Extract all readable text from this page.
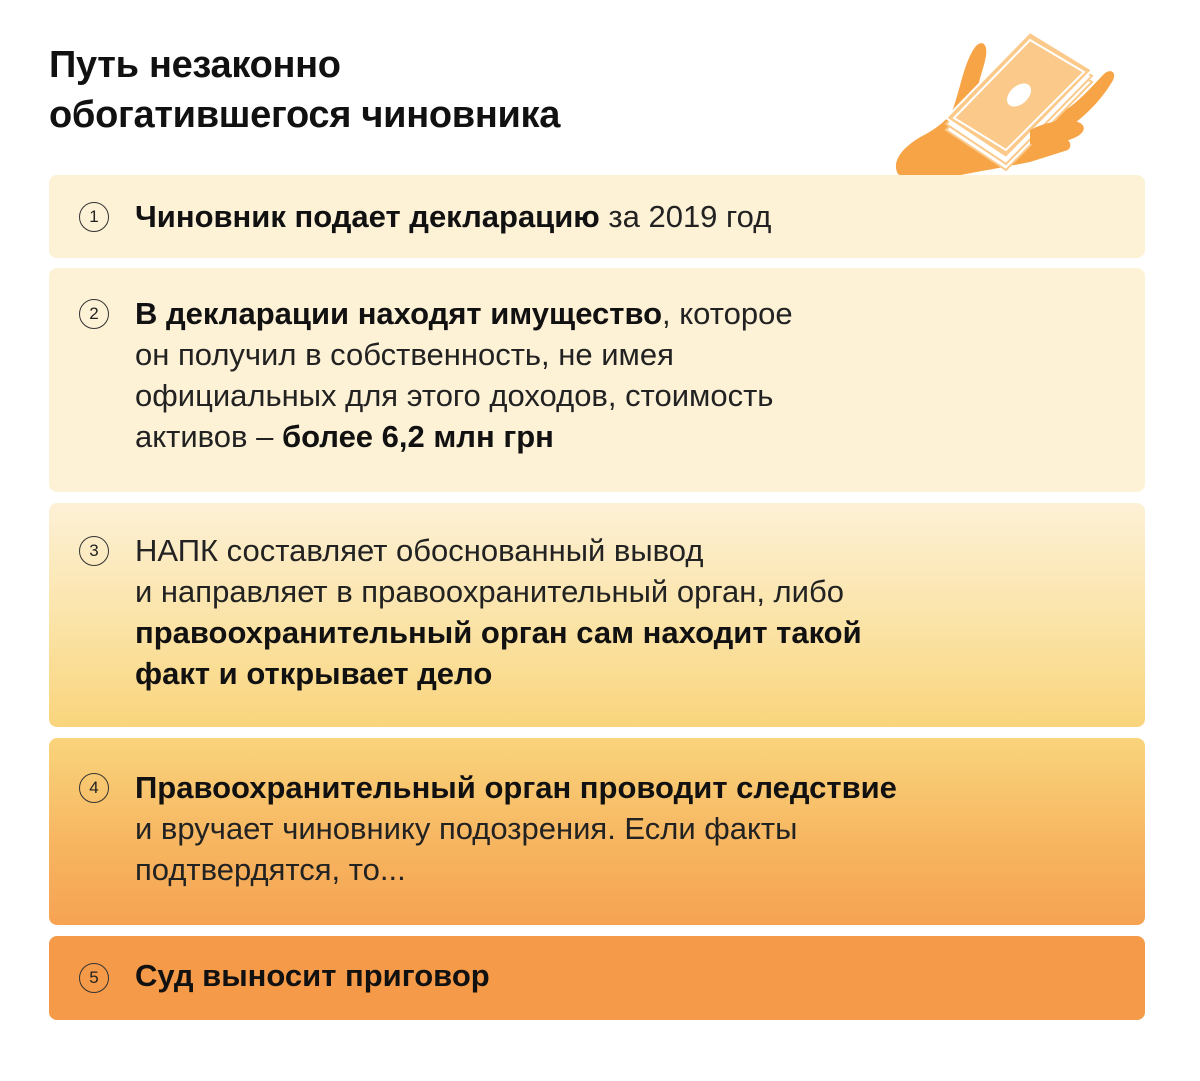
Путь незаконно
обогатившегося чиновника
1	Чиновник подает декларацию за 2019 год

2	В декларации находят имущество, которое
он получил в собственность, не имея
официальных для этого доходов, стоимость
активов – более 6,2 млн грн

3	НАПК составляет обоснованный вывод
и направляет в правоохранительный орган, либо
правоохранительный орган сам находит такой
факт и открывает дело

4	Правоохранительный орган проводит следствие
и вручает чиновнику подозрения. Если факты
подтвердятся, то...

5	Суд выносит приговор
